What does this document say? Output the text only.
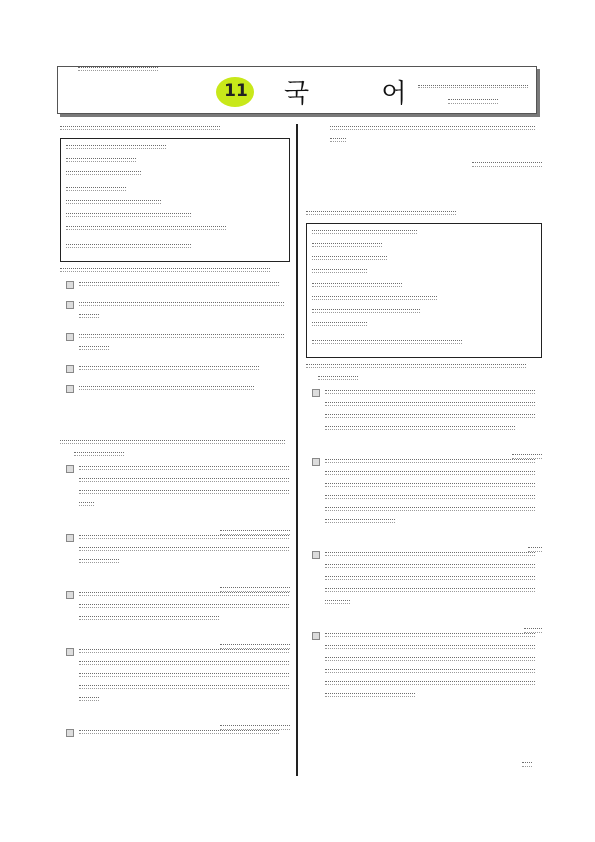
11 국 어
